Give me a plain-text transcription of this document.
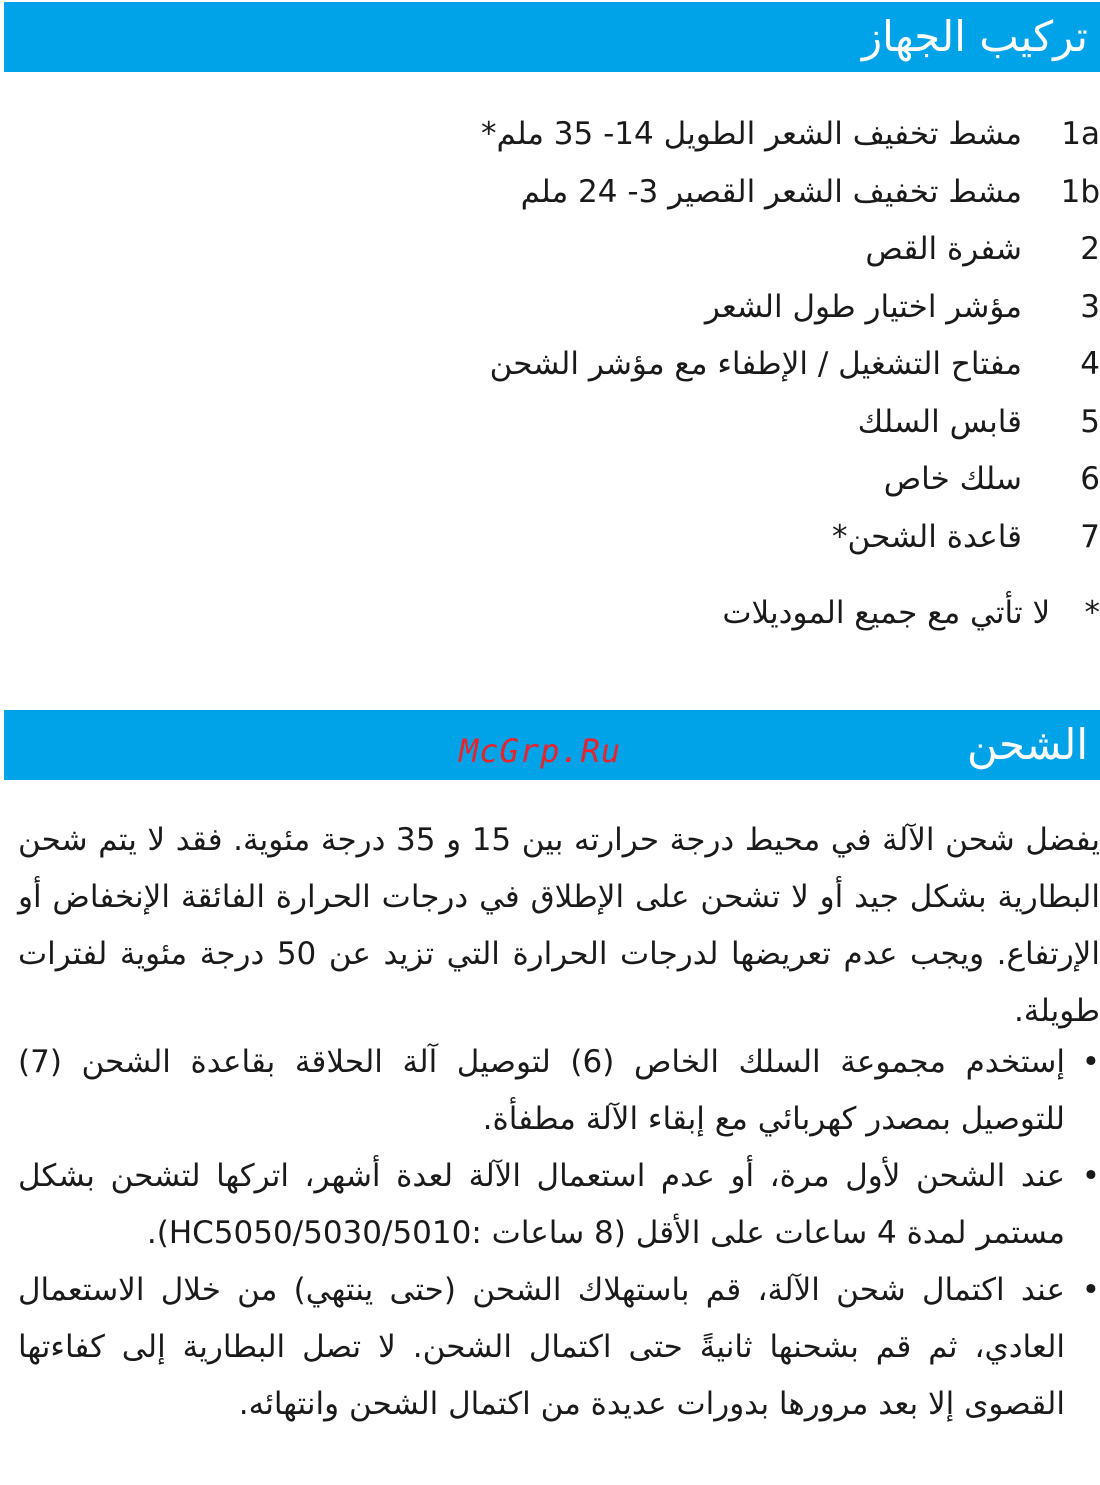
تركيب الجهاز
1aمشط تخفيف الشعر الطويل 14- 35 ملم*
1bمشط تخفيف الشعر القصير 3- 24 ملم
2شفرة القص
3مؤشر اختيار طول الشعر
4مفتاح التشغيل / الإطفاء مع مؤشر الشحن
5قابس السلك
6سلك خاص
7قاعدة الشحن*
* لا تأتي مع جميع الموديلات
الشحن
McGrp.Ru

يفضل شحن الآلة في محيط درجة حرارته بين 15 و 35 درجة مئوية. فقد لا يتم شحن البطارية بشكل جيد أو لا تشحن على الإطلاق في درجات الحرارة الفائقة الإنخفاض أو الإرتفاع. ويجب عدم تعريضها لدرجات الحرارة التي تزيد عن 50 درجة مئوية لفترات طويلة.

•
إستخدم مجموعة السلك الخاص (6) لتوصيل آلة الحلاقة بقاعدة الشحن (7) للتوصيل بمصدر كهربائي مع إبقاء الآلة مطفأة.
•
عند الشحن لأول مرة، أو عدم استعمال الآلة لعدة أشهر، اتركها لتشحن بشكل مستمر لمدة 4 ساعات على الأقل (8 ساعات :HC5050/5030/5010).
•
عند اكتمال شحن الآلة، قم باستهلاك الشحن (حتى ينتهي) من خلال الاستعمال العادي، ثم قم بشحنها ثانيةً حتى اكتمال الشحن. لا تصل البطارية إلى كفاءتها القصوى إلا بعد مرورها بدورات عديدة من اكتمال الشحن وانتهائه.
